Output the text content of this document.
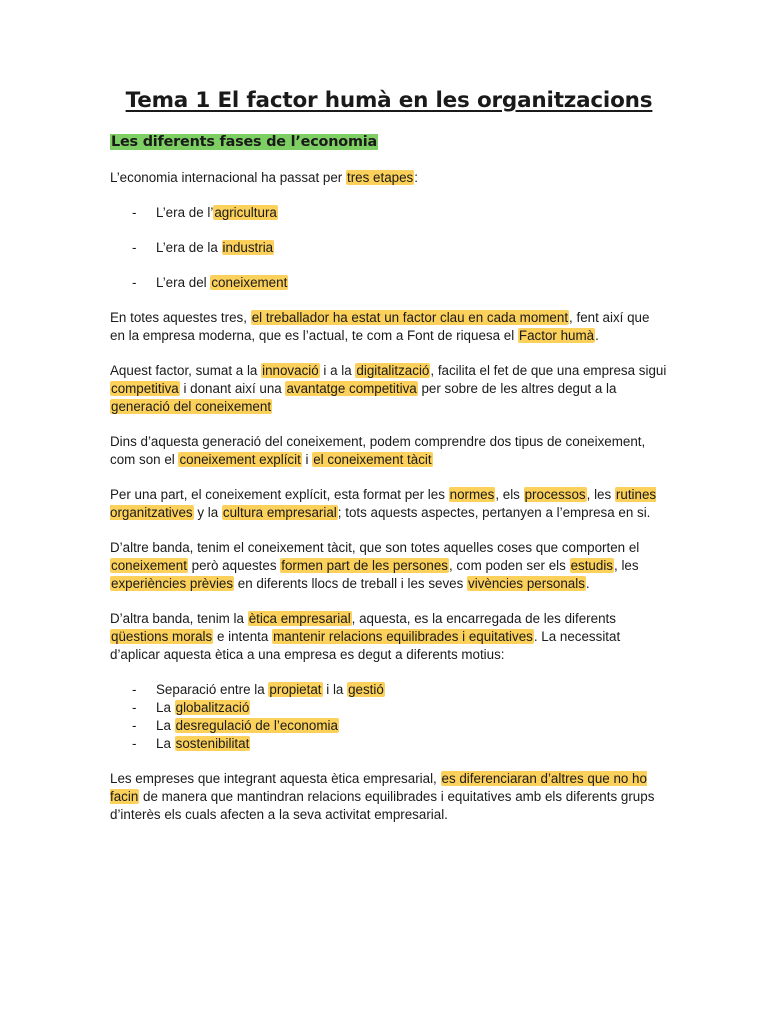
Tema 1 El factor humà en les organitzacions
Les diferents fases de l’economia

L’economia internacional ha passat per tres etapes:

- L’era de l’agricultura
- L’era de la industria
- L’era del coneixement

En totes aquestes tres, el treballador ha estat un factor clau en cada moment, fent així que en la empresa moderna, que es l’actual, te com a Font de riquesa el Factor humà.

Aquest factor, sumat a la innovació i a la digitalització, facilita el fet de que una empresa sigui competitiva i donant així una avantatge competitiva per sobre de les altres degut a la generació del coneixement

Dins d’aquesta generació del coneixement, podem comprendre dos tipus de coneixement, com son el coneixement explícit i el coneixement tàcit

Per una part, el coneixement explícit, esta format per les normes, els processos, les rutines organitzatives y la cultura empresarial; tots aquests aspectes, pertanyen a l’empresa en si.

D’altre banda, tenim el coneixement tàcit, que son totes aquelles coses que comporten el coneixement però aquestes formen part de les persones, com poden ser els estudis, les experiències prèvies en diferents llocs de treball i les seves vivències personals.

D’altra banda, tenim la ètica empresarial, aquesta, es la encarregada de les diferents qüestions morals e intenta mantenir relacions equilibrades i equitatives. La necessitat d’aplicar aquesta ètica a una empresa es degut a diferents motius:

- Separació entre la propietat i la gestió
- La globalització
- La desregulació de l’economia
- La sostenibilitat

Les empreses que integrant aquesta ètica empresarial, es diferenciaran d’altres que no ho facin de manera que mantindran relacions equilibrades i equitatives amb els diferents grups d’interès els cuals afecten a la seva activitat empresarial.
